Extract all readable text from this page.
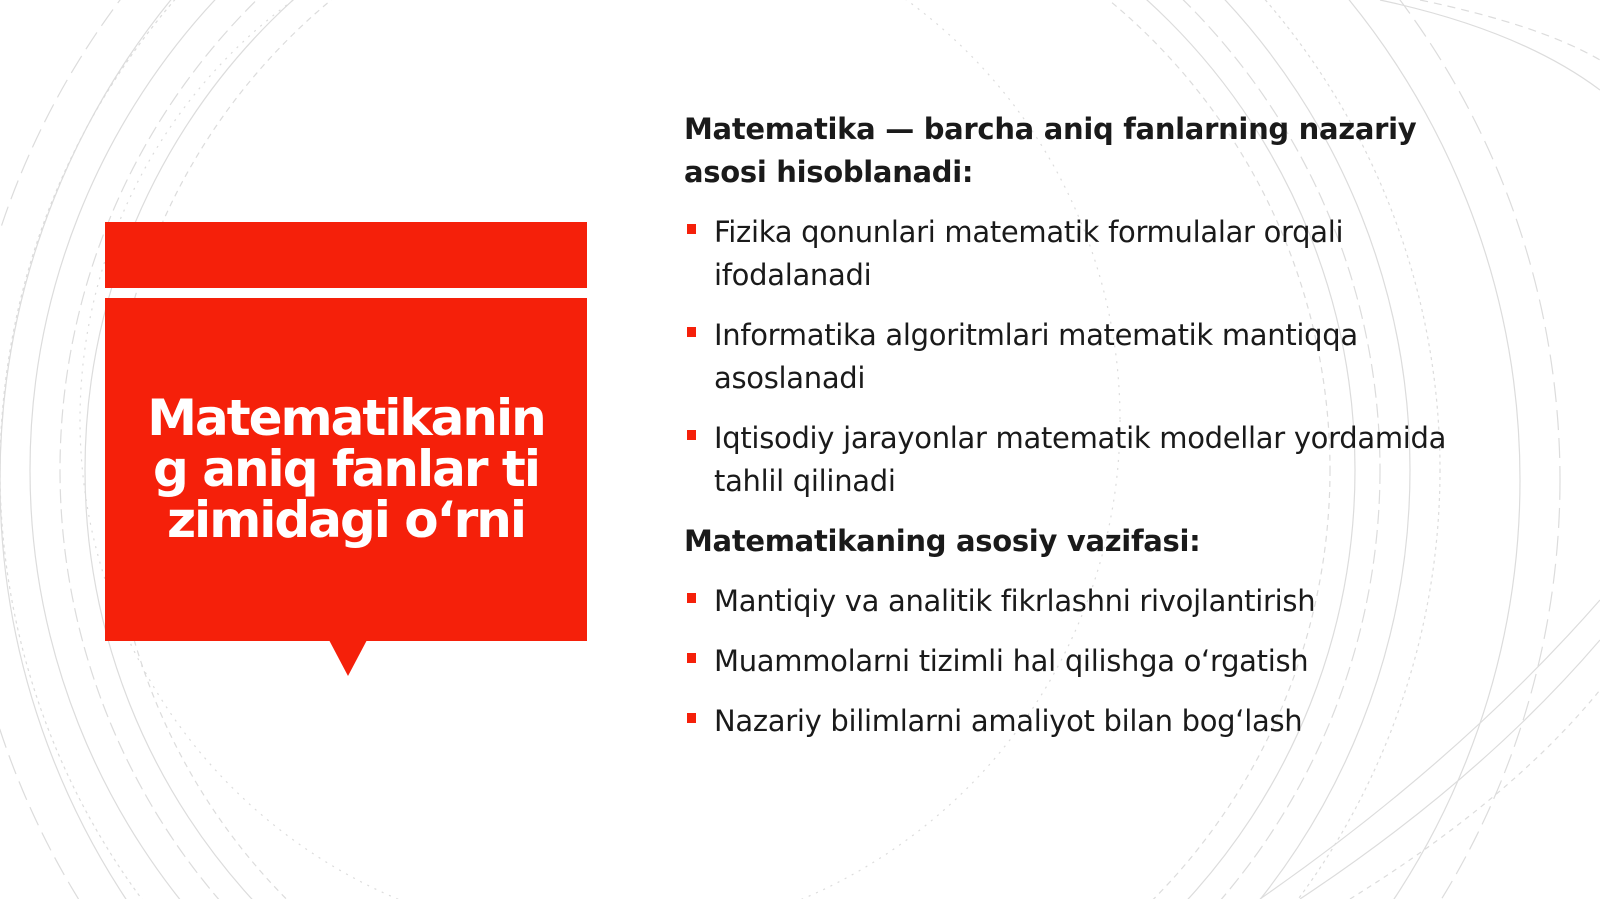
Matematikaning aniq fanlar tizimidagi o‘rni

Matematika — barcha aniq fanlarning nazariy asosi hisoblanadi:

Fizika qonunlari matematik formulalar orqali ifodalanadi
Informatika algoritmlari matematik mantiqqa asoslanadi
Iqtisodiy jarayonlar matematik modellar yordamida tahlil qilinadi

Matematikaning asosiy vazifasi:

Mantiqiy va analitik fikrlashni rivojlantirish
Muammolarni tizimli hal qilishga o‘rgatish
Nazariy bilimlarni amaliyot bilan bog‘lash
